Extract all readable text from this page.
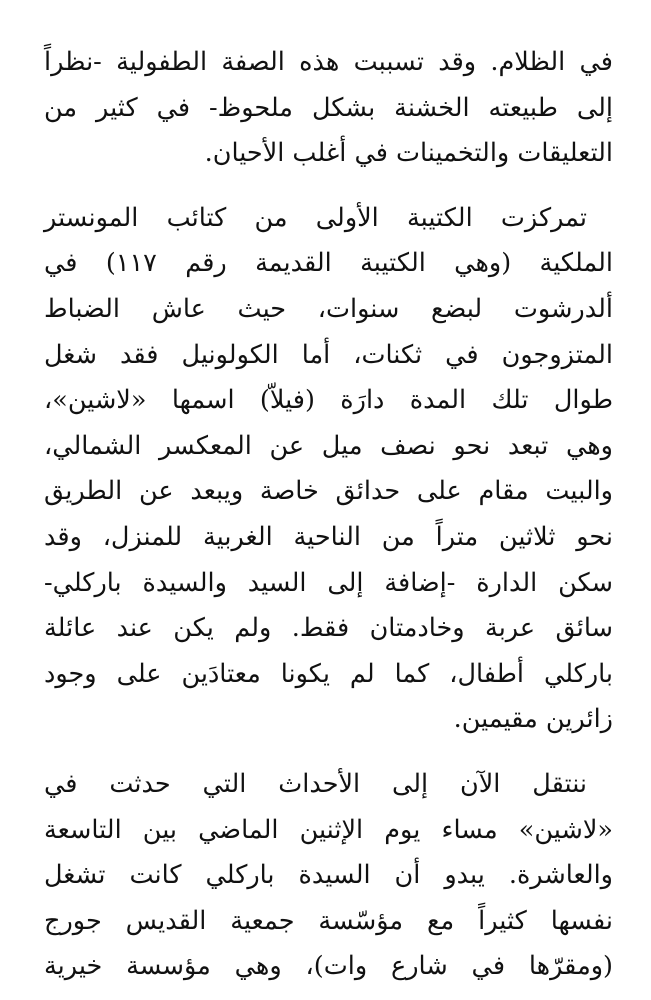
في الظلام. وقد تسببت هذه الصفة الطفولية -نظراً
إلى طبيعته الخشنة بشكل ملحوظ- في كثير من
التعليقات والتخمينات في أغلب الأحيان.

تمركزت الكتيبة الأولى من كتائب المونستر
الملكية (وهي الكتيبة القديمة رقم ١١٧) في
ألدرشوت لبضع سنوات، حيث عاش الضباط
المتزوجون في ثكنات، أما الكولونيل فقد شغل
طوال تلك المدة دارَة (فيلاّ) اسمها «لاشين»،
وهي تبعد نحو نصف ميل عن المعكسر الشمالي،
والبيت مقام على حدائق خاصة ويبعد عن الطريق
نحو ثلاثين متراً من الناحية الغربية للمنزل، وقد
سكن الدارة -إضافة إلى السيد والسيدة باركلي-
سائق عربة وخادمتان فقط. ولم يكن عند عائلة
باركلي أطفال، كما لم يكونا معتادَين على وجود
زائرين مقيمين.

ننتقل الآن إلى الأحداث التي حدثت في
«لاشين» مساء يوم الإثنين الماضي بين التاسعة
والعاشرة. يبدو أن السيدة باركلي كانت تشغل
نفسها كثيراً مع مؤسّسة جمعية القديس جورج
(ومقرّها في شارع وات)، وهي مؤسسة خيرية
